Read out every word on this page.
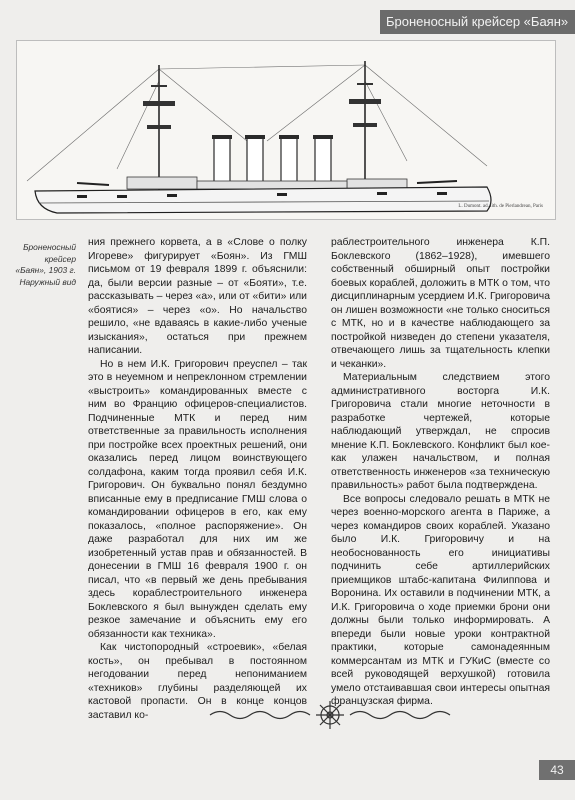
Броненосный крейсер «Баян»
L. Dumont. ad. lith. de Pierlandrean, Paris
Броненосный крейсер «Баян», 1903 г. Наружный вид

ния прежнего корвета, а в «Слове о полку Игореве» фигурирует «Боян». Из ГМШ письмом от 19 февраля 1899 г. объяснили: да, были версии разные – от «Бояти», т.е. рассказывать – через «а», или от «бити» или «боятися» – через «о». Но начальство решило, «не вдаваясь в какие-либо ученые изыскания», остаться при прежнем написании.

Но в нем И.К. Григорович преуспел – так это в неуемном и непреклонном стремлении «выстроить» командированных вместе с ним во Францию офицеров-специалистов. Подчиненные МТК и перед ним ответственные за правильность исполнения при постройке всех проектных решений, они оказались перед лицом воинствующего солдафона, каким тогда проявил себя И.К. Григорович. Он буквально понял бездумно вписанные ему в предписание ГМШ слова о командировании офицеров в его, как ему показалось, «полное распоряжение». Он даже разработал для них им же изобретенный устав прав и обязанностей. В донесении в ГМШ 16 февраля 1900 г. он писал, что «в первый же день пребывания здесь кораблестроительного инженера Боклевского я был вынужден сделать ему резкое замечание и объяснить ему его обязанности как техника».

Как чистопородный «строевик», «белая кость», он пребывал в постоянном негодовании перед непониманием «техников» глубины разделяющей их кастовой пропасти. Он в конце концов заставил ко-

раблестроительного инженера К.П. Боклевского (1862–1928), имевшего собственный обширный опыт постройки боевых кораблей, доложить в МТК о том, что дисциплинарным усердием И.К. Григоровича он лишен возможности «не только сноситься с МТК, но и в качестве наблюдающего за постройкой низведен до степени указателя, отвечающего лишь за тщательность клепки и чеканки».

Материальным следствием этого административного восторга И.К. Григоровича стали многие неточности в разработке чертежей, которые наблюдающий утверждал, не спросив мнение К.П. Боклевского. Конфликт был кое-как улажен начальством, и полная ответственность инженеров «за техническую правильность» работ была подтверждена.

Все вопросы следовало решать в МТК не через военно-морского агента в Париже, а через командиров своих кораблей. Указано было И.К. Григоровичу и на необоснованность его инициативы подчинить себе артиллерийских приемщиков штабс-капитана Филиппова и Воронина. Их оставили в подчинении МТК, а И.К. Григоровича о ходе приемки брони они должны были только информировать. А впереди были новые уроки контрактной практики, которые самонадеянным коммерсантам из МТК и ГУКиС (вместе со всей руководящей верхушкой) готовила умело отстаивавшая свои интересы опытная французская фирма.

43
